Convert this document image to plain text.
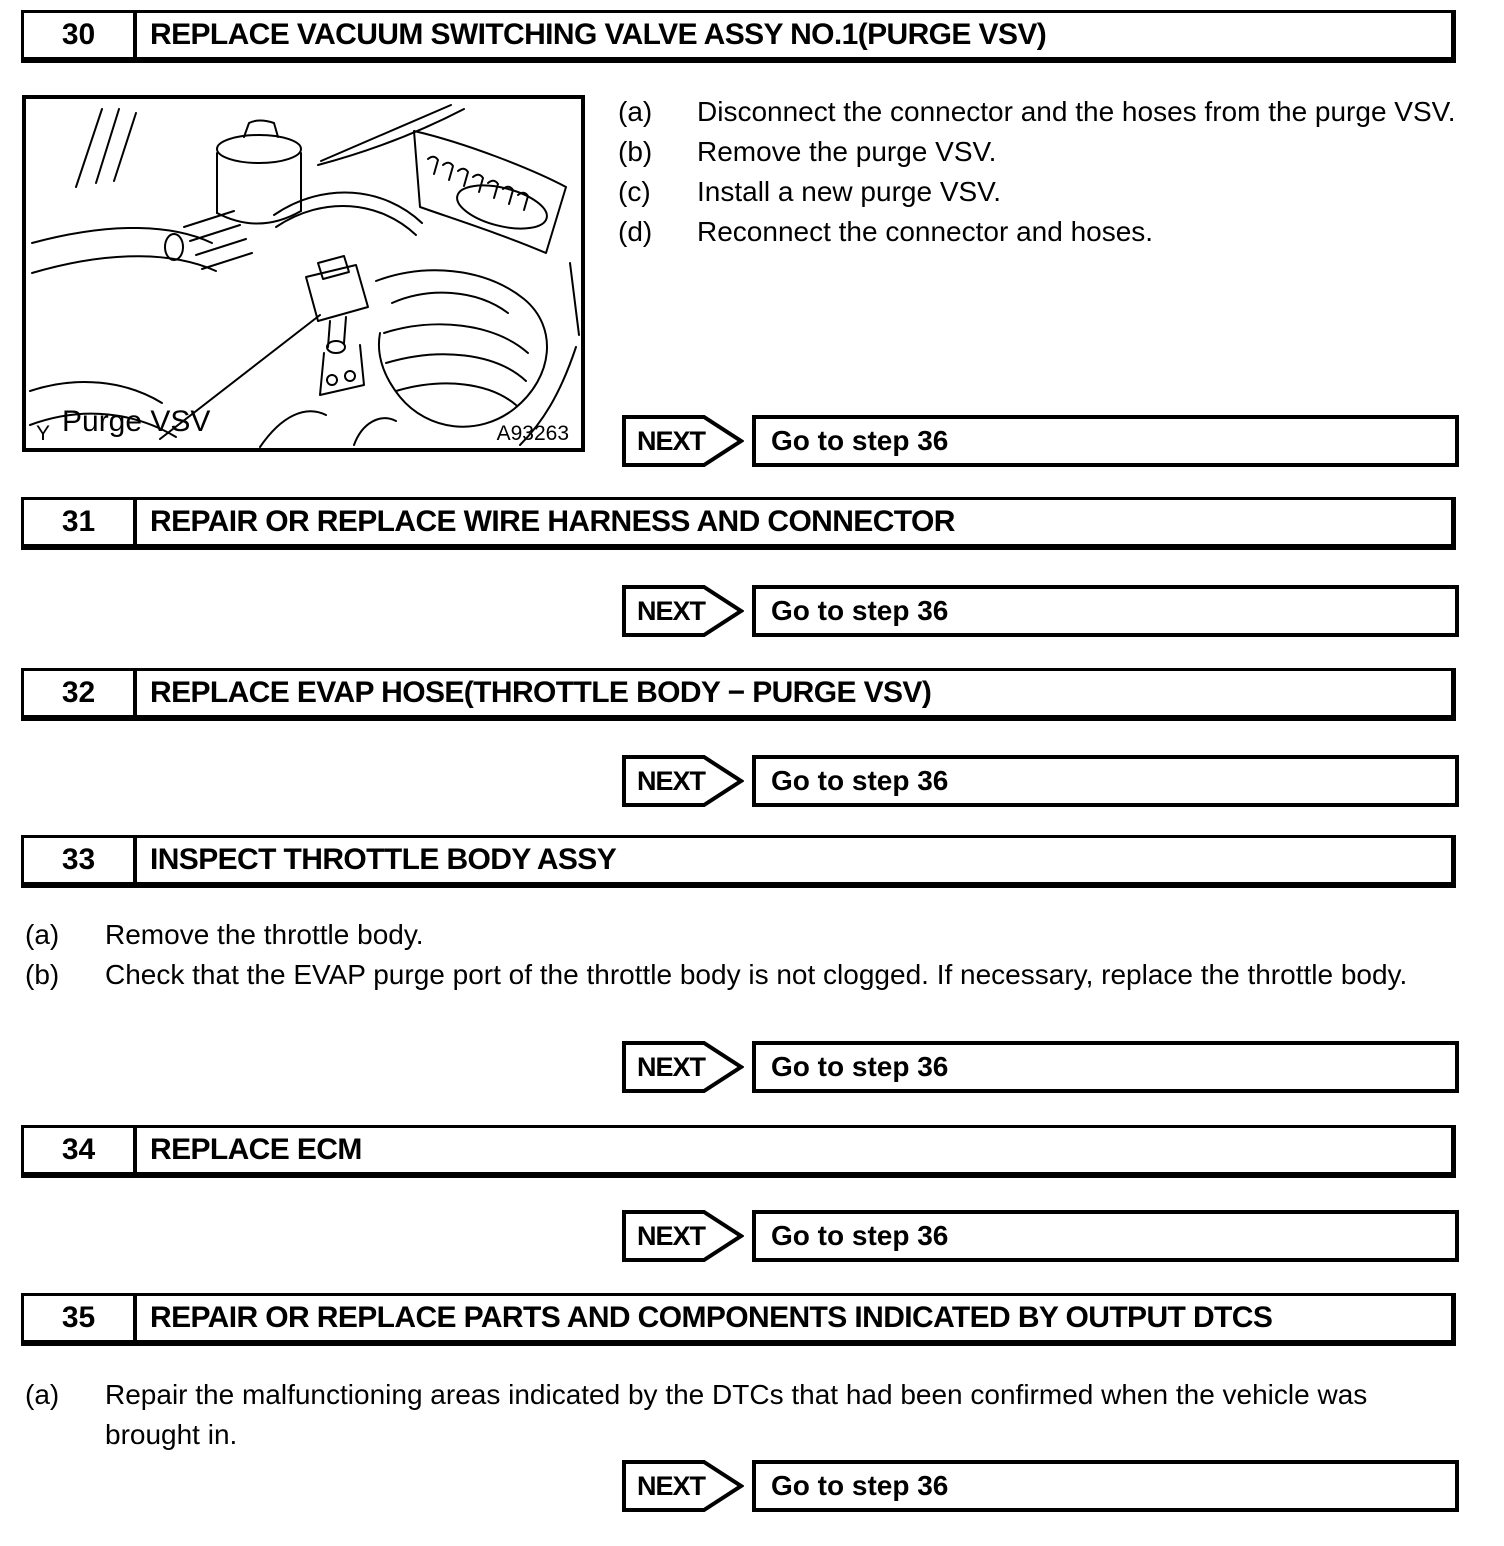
30	REPLACE VACUUM SWITCHING VALVE ASSY NO.1(PURGE VSV)
Y Purge VSV	A93263
(a)	Disconnect the connector and the hoses from the purge VSV.
(b)	Remove the purge VSV.
(c)	Install a new purge VSV.
(d)	Reconnect the connector and hoses.
NEXT	Go to step 36
31	REPAIR OR REPLACE WIRE HARNESS AND CONNECTOR
NEXT	Go to step 36
32	REPLACE EVAP HOSE(THROTTLE BODY − PURGE VSV)
NEXT	Go to step 36
33	INSPECT THROTTLE BODY ASSY
(a)	Remove the throttle body.
(b)	Check that the EVAP purge port of the throttle body is not clogged. If necessary, replace the throttle body.
NEXT	Go to step 36
34	REPLACE ECM
NEXT	Go to step 36
35	REPAIR OR REPLACE PARTS AND COMPONENTS INDICATED BY OUTPUT DTCS
(a)	Repair the malfunctioning areas indicated by the DTCs that had been confirmed when the vehicle was brought in.
NEXT	Go to step 36
